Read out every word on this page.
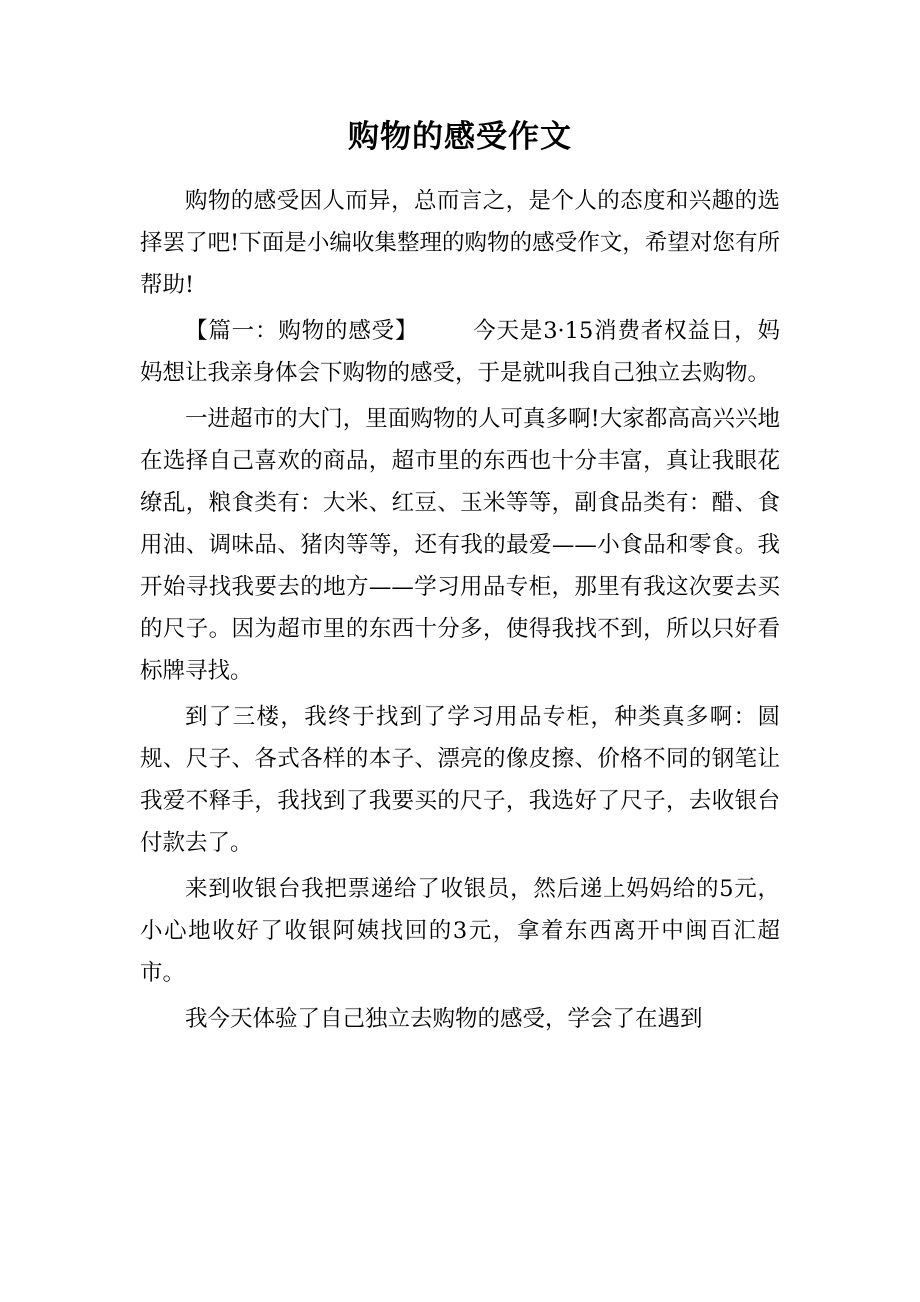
购物的感受作文

购物的感受因人而异，总而言之，是个人的态度和兴趣的选择罢了吧!下面是小编收集整理的购物的感受作文，希望对您有所帮助!

【篇一：购物的感受】 今天是3·15消费者权益日，妈妈想让我亲身体会下购物的感受，于是就叫我自己独立去购物。

一进超市的大门，里面购物的人可真多啊!大家都高高兴兴地在选择自己喜欢的商品，超市里的东西也十分丰富，真让我眼花缭乱，粮食类有：大米、红豆、玉米等等，副食品类有：醋、食用油、调味品、猪肉等等，还有我的最爱——小食品和零食。我开始寻找我要去的地方——学习用品专柜，那里有我这次要去买的尺子。因为超市里的东西十分多，使得我找不到，所以只好看标牌寻找。

到了三楼，我终于找到了学习用品专柜，种类真多啊：圆规、尺子、各式各样的本子、漂亮的像皮擦、价格不同的钢笔让我爱不释手，我找到了我要买的尺子，我选好了尺子，去收银台付款去了。

来到收银台我把票递给了收银员，然后递上妈妈给的5元，小心地收好了收银阿姨找回的3元，拿着东西离开中闽百汇超市。

我今天体验了自己独立去购物的感受，学会了在遇到
